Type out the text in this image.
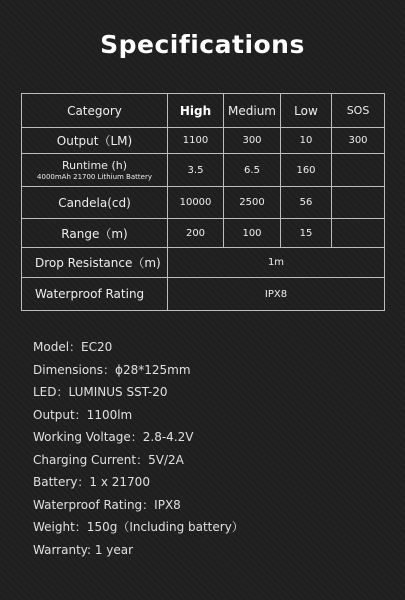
Specifications
Category	High	Medium	Low	SOS
Output（LM)	1100	300	10	300

Runtime (h)
4000mAh 21700 Lithium Battery	3.5	6.5	160	
Candela(cd)	10000	2500	56	
Range（m)	200	100	15	
Drop Resistance（m)	1m			
Waterproof Rating	IPX8			
Model：EC20
Dimensions：ϕ28*125mm
LED：LUMINUS SST-20
Output：1100lm
Working Voltage：2.8-4.2V
Charging Current：5V/2A
Battery：1 x 21700
Waterproof Rating：IPX8
Weight：150g（Including battery）
Warranty: 1 year
